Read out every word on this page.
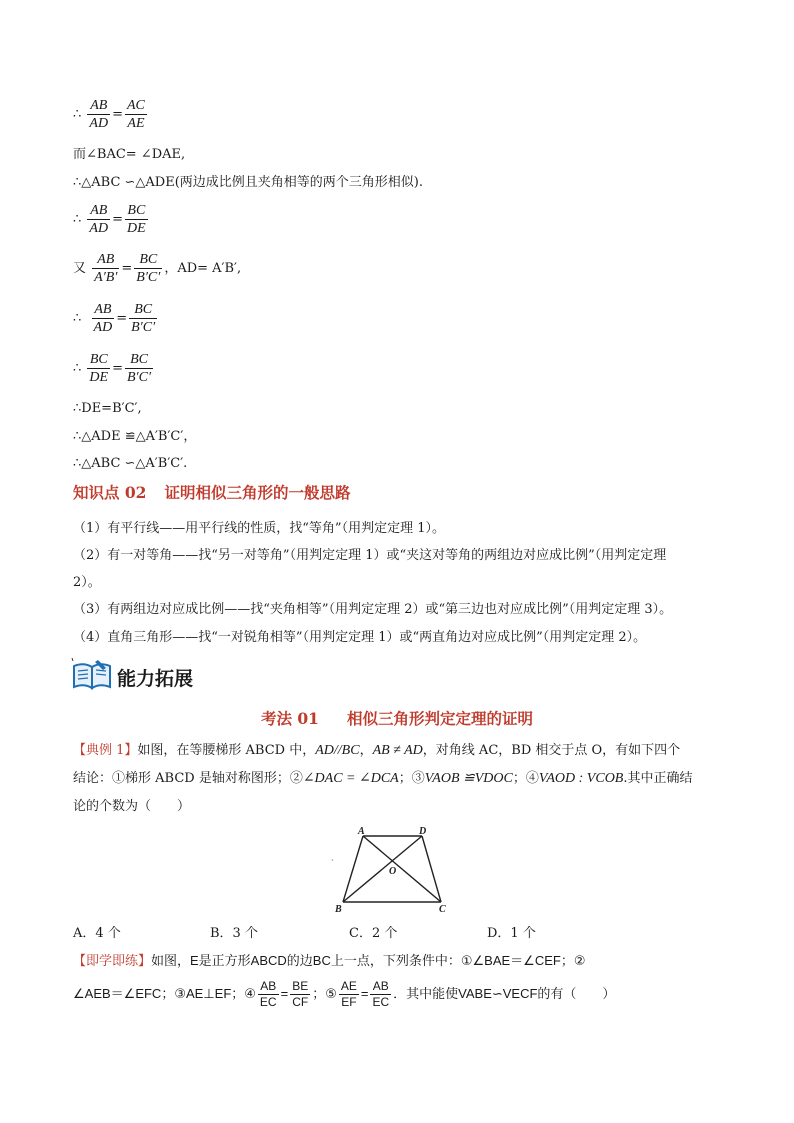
∴ $\frac{AB}{AD} = \frac{AC}{AE}$
而∠BAC= ∠DAE,
∴△ABC ∽△ADE(两边成比例且夹角相等的两个三角形相似).
∴ $\frac{AB}{AD} = \frac{BC}{DE}$
又 $\frac{AB}{A'B'} = \frac{BC}{B'C'}$ ，AD= A′B′,
∴ $\frac{AB}{AD} = \frac{BC}{B'C'}$
∴ $\frac{BC}{DE} = \frac{BC}{B'C'}$
∴DE=B′C′,
∴△ADE ≌△A′B′C′，
∴△ABC ∽△A′B′C′.
知识点 02 证明相似三角形的一般思路
（1）有平行线——用平行线的性质，找“等角”（用判定定理 1）。
（2）有一对等角——找“另一对等角”（用判定定理 1）或“夹这对等角的两组边对应成比例”（用判定定理
2）。
（3）有两组边对应成比例——找“夹角相等”（用判定定理 2）或“第三边也对应成比例”（用判定定理 3）。
（4）直角三角形——找“一对锐角相等”（用判定定理 1）或“两直角边对应成比例”（用判定定理 2）。
能力拓展
考法 01 相似三角形判定定理的证明
【典例 1】如图，在等腰梯形 ABCD 中，AD//BC，AB ≠ AD，对角线 AC，BD 相交于点 O，有如下四个
结论：①梯形 ABCD 是轴对称图形；②∠DAC = ∠DCA；③VAOB ≌VDOC；④VAOD : VCOB.其中正确结
论的个数为（　　）
`
A	D
O
B	C
A．4 个	B．3 个	C．2 个	D．1 个
【即学即练】如图，E是正方形ABCD的边BC上一点，下列条件中：①∠BAE＝∠CEF；②
∠AEB＝∠EFC；③AE⊥EF；④ $\frac{AB}{EC} = \frac{BE}{CF}$ ；⑤ $\frac{AE}{EF} = \frac{AB}{EC}$ ．其中能使VABE∽VECF的有（　　）
